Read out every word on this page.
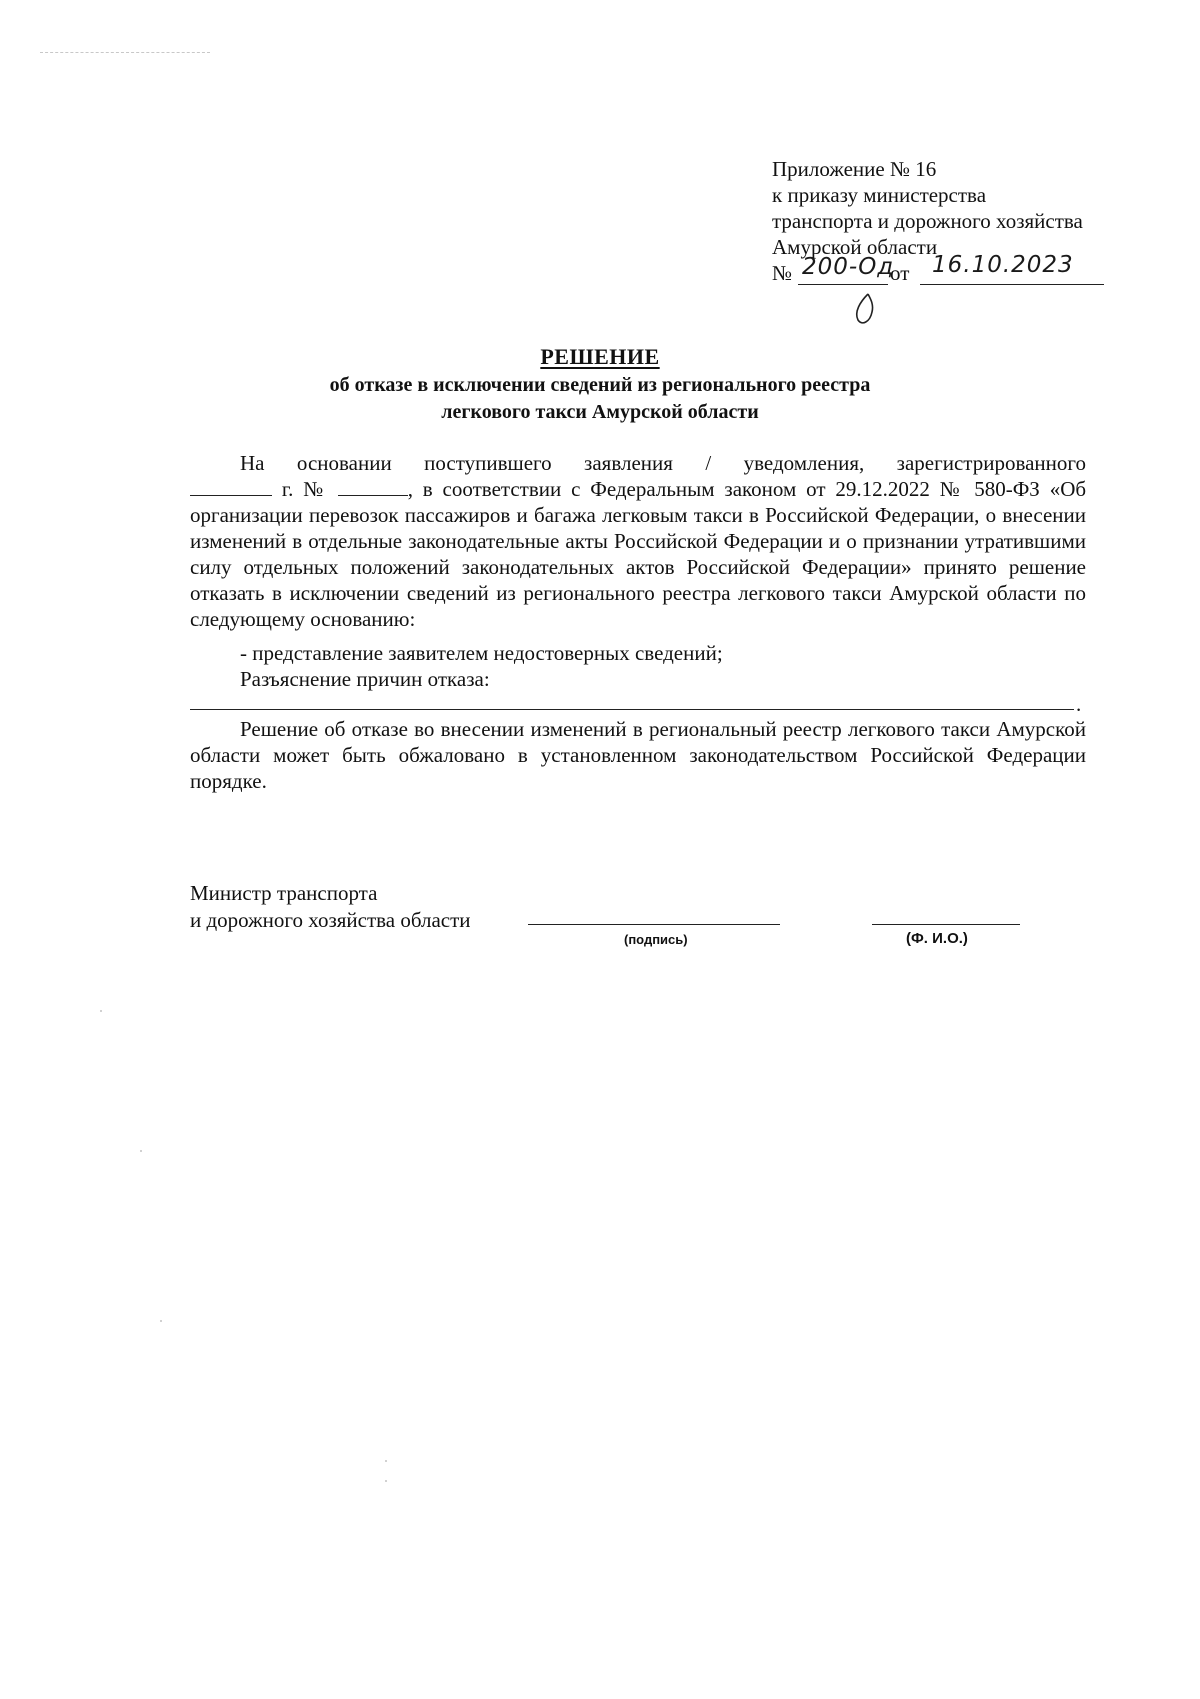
Приложение № 16
к приказу министерства
транспорта и дорожного хозяйства
Амурской области
№ 200-Од
от 16.10.2023
РЕШЕНИЕ
об отказе в исключении сведений из регионального реестра
легкового такси Амурской области
На основании поступившего заявления / уведомления, зарегистрированного
г. №	, в соответствии с Федеральным законом от 29.12.2022 № 580-ФЗ «Об организации перевозок пассажиров и багажа легковым такси в Российской Федерации, о внесении изменений в отдельные законодательные акты Российской Федерации и о признании утратившими силу отдельных положений законодательных актов Российской Федерации» принято решение отказать в исключении сведений из регионального реестра легкового такси Амурской области по следующему основанию:
- представление заявителем недостоверных сведений;
Разъяснение причин отказа:
.
Решение об отказе во внесении изменений в региональный реестр легкового такси Амурской области может быть обжаловано в установленном законодательством Российской Федерации порядке.
Министр транспорта
и дорожного хозяйства области
(подпись)	(Ф. И.О.)
